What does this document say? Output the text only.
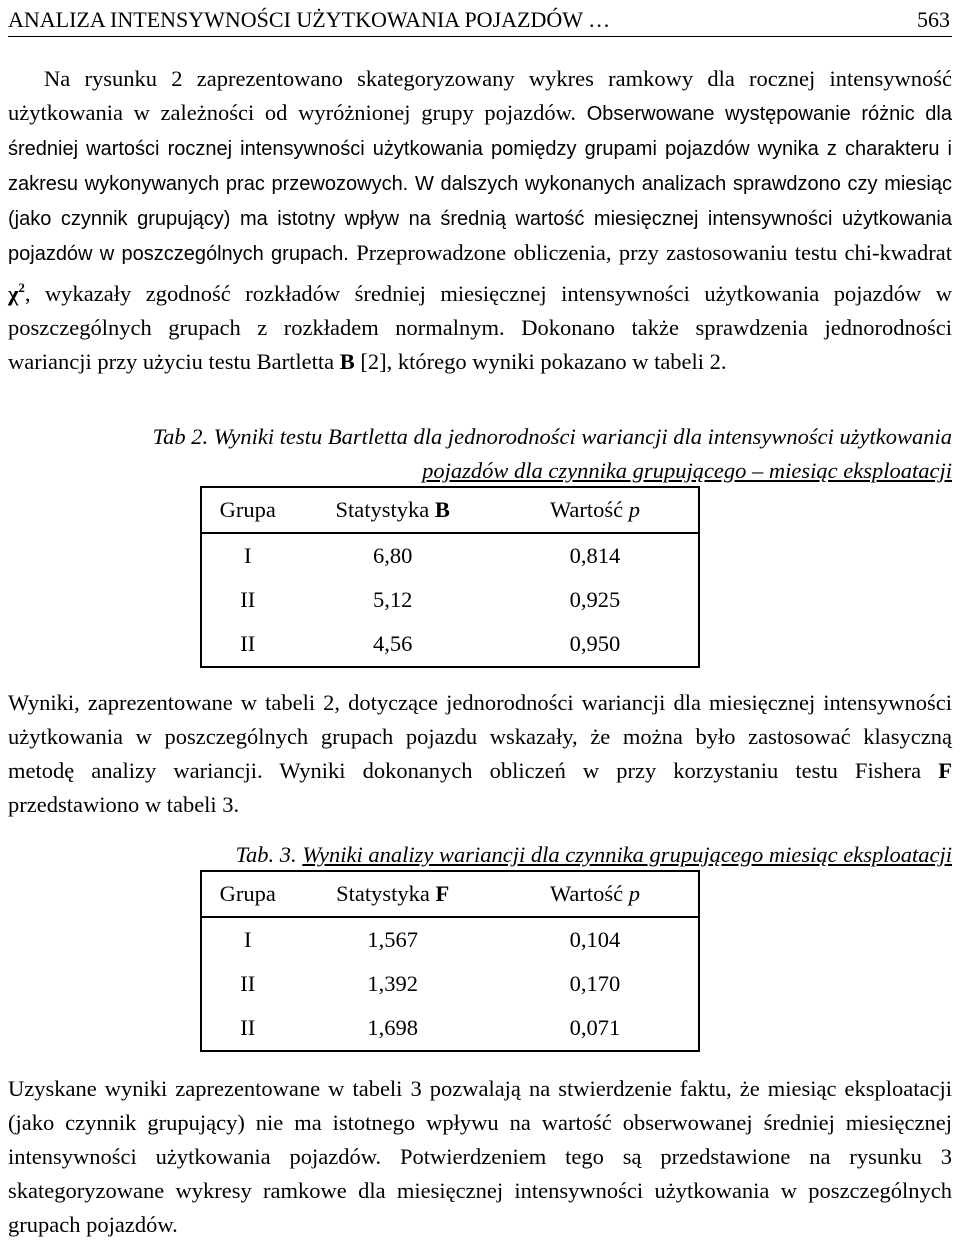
ANALIZA INTENSYWNOŚCI UŻYTKOWANIA POJAZDÓW …	563

Na rysunku 2 zaprezentowano skategoryzowany wykres ramkowy dla rocznej intensywność użytkowania w zależności od wyróżnionej grupy pojazdów. Obserwowane występowanie różnic dla średniej wartości rocznej intensywności użytkowania pomiędzy grupami pojazdów wynika z charakteru i zakresu wykonywanych prac przewozowych. W dalszych wykonanych analizach sprawdzono czy miesiąc (jako czynnik grupujący) ma istotny wpływ na średnią wartość miesięcznej intensywności użytkowania pojazdów w poszczególnych grupach. Przeprowadzone obliczenia, przy zastosowaniu testu chi-kwadrat $\chi^2$, wykazały zgodność rozkładów średniej miesięcznej intensywności użytkowania pojazdów w poszczególnych grupach z rozkładem normalnym. Dokonano także sprawdzenia jednorodności wariancji przy użyciu testu Bartletta B [2], którego wyniki pokazano w tabeli 2.

Tab 2. Wyniki testu Bartletta dla jednorodności wariancji dla intensywności użytkowania

pojazdów dla czynnika grupującego – miesiąc eksploatacji

Grupa	Statystyka B	Wartość p
I	6,80	0,814
II	5,12	0,925
II	4,56	0,950

Wyniki, zaprezentowane w tabeli 2, dotyczące jednorodności wariancji dla miesięcznej intensywności użytkowania w poszczególnych grupach pojazdu wskazały, że można było zastosować klasyczną metodę analizy wariancji. Wyniki dokonanych obliczeń w przy korzystaniu testu Fishera F przedstawiono w tabeli 3.

Tab. 3. Wyniki analizy wariancji dla czynnika grupującego miesiąc eksploatacji

Grupa	Statystyka F	Wartość p
I	1,567	0,104
II	1,392	0,170
II	1,698	0,071

Uzyskane wyniki zaprezentowane w tabeli 3 pozwalają na stwierdzenie faktu, że miesiąc eksploatacji (jako czynnik grupujący) nie ma istotnego wpływu na wartość obserwowanej średniej miesięcznej intensywności użytkowania pojazdów. Potwierdzeniem tego są przedstawione na rysunku 3 skategoryzowane wykresy ramkowe dla miesięcznej intensywności użytkowania w poszczególnych grupach pojazdów.
